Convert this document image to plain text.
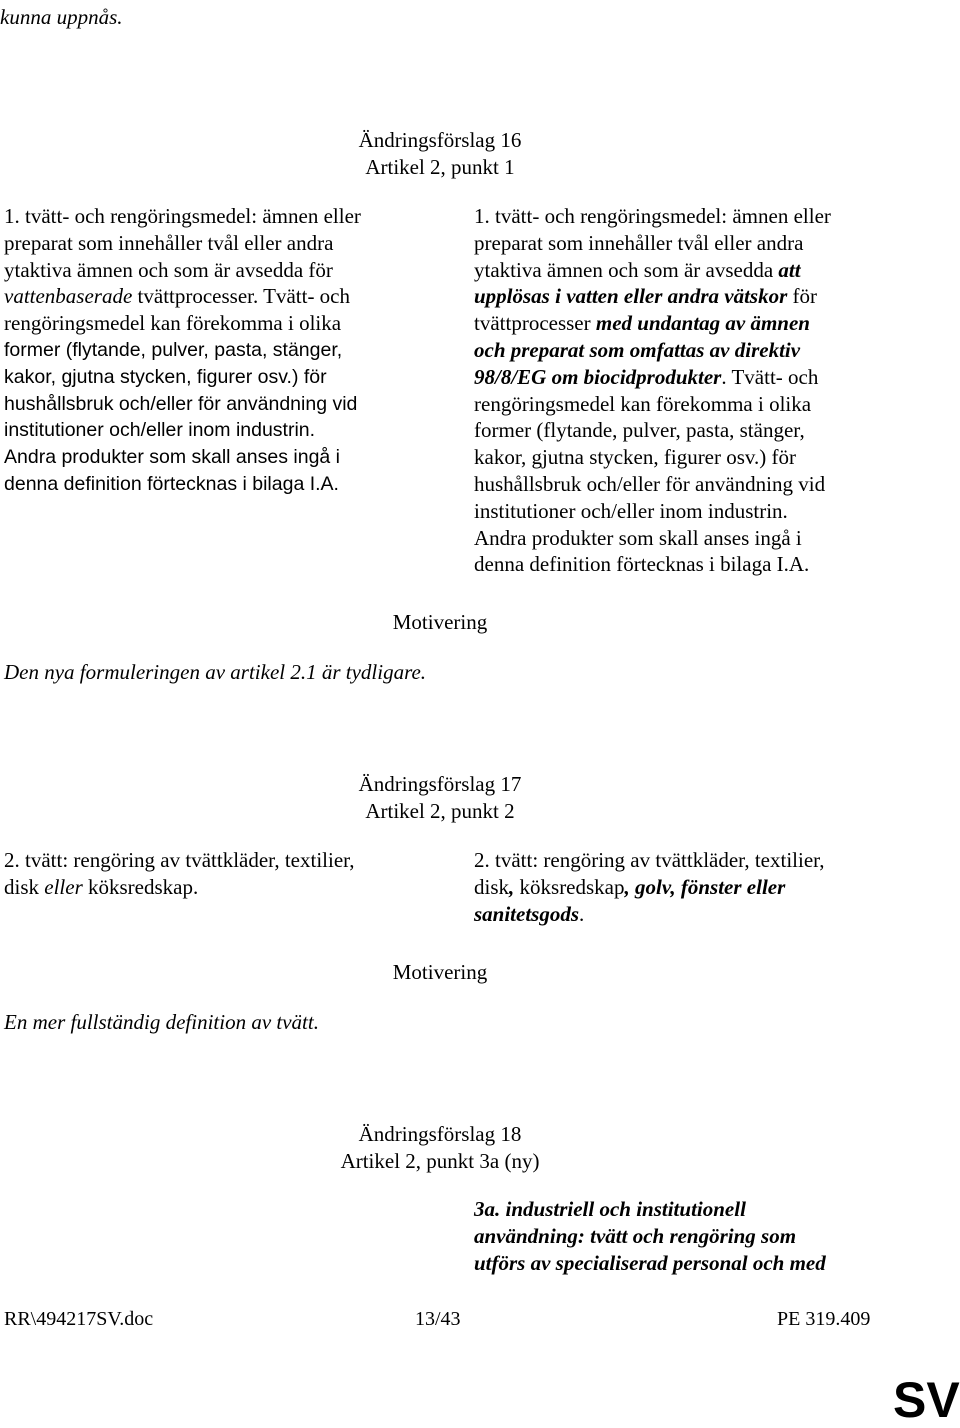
kunna uppnås.
Ändringsförslag 16
Artikel 2, punkt 1
1. tvätt- och rengöringsmedel: ämnen eller
preparat som innehåller tvål eller andra
ytaktiva ämnen och som är avsedda för
vattenbaserade tvättprocesser. Tvätt- och
rengöringsmedel kan förekomma i olika
former (flytande, pulver, pasta, stänger,
kakor, gjutna stycken, figurer osv.) för
hushållsbruk och/eller för användning vid
institutioner och/eller inom industrin.
Andra produkter som skall anses ingå i
denna definition förtecknas i bilaga I.A.
1. tvätt- och rengöringsmedel: ämnen eller
preparat som innehåller tvål eller andra
ytaktiva ämnen och som är avsedda att
upplösas i vatten eller andra vätskor för
tvättprocesser med undantag av ämnen
och preparat som omfattas av direktiv
98/8/EG om biocidprodukter. Tvätt- och
rengöringsmedel kan förekomma i olika
former (flytande, pulver, pasta, stänger,
kakor, gjutna stycken, figurer osv.) för
hushållsbruk och/eller för användning vid
institutioner och/eller inom industrin.
Andra produkter som skall anses ingå i
denna definition förtecknas i bilaga I.A.
Motivering
Den nya formuleringen av artikel 2.1 är tydligare.
Ändringsförslag 17
Artikel 2, punkt 2
2. tvätt: rengöring av tvättkläder, textilier,
disk eller köksredskap.
2. tvätt: rengöring av tvättkläder, textilier,
disk, köksredskap, golv, fönster eller
sanitetsgods.
Motivering
En mer fullständig definition av tvätt.
Ändringsförslag 18
Artikel 2, punkt 3a (ny)
3a. industriell och institutionell
användning: tvätt och rengöring som
utförs av specialiserad personal och med
RR\494217SV.doc	13/43	PE 319.409
SV
